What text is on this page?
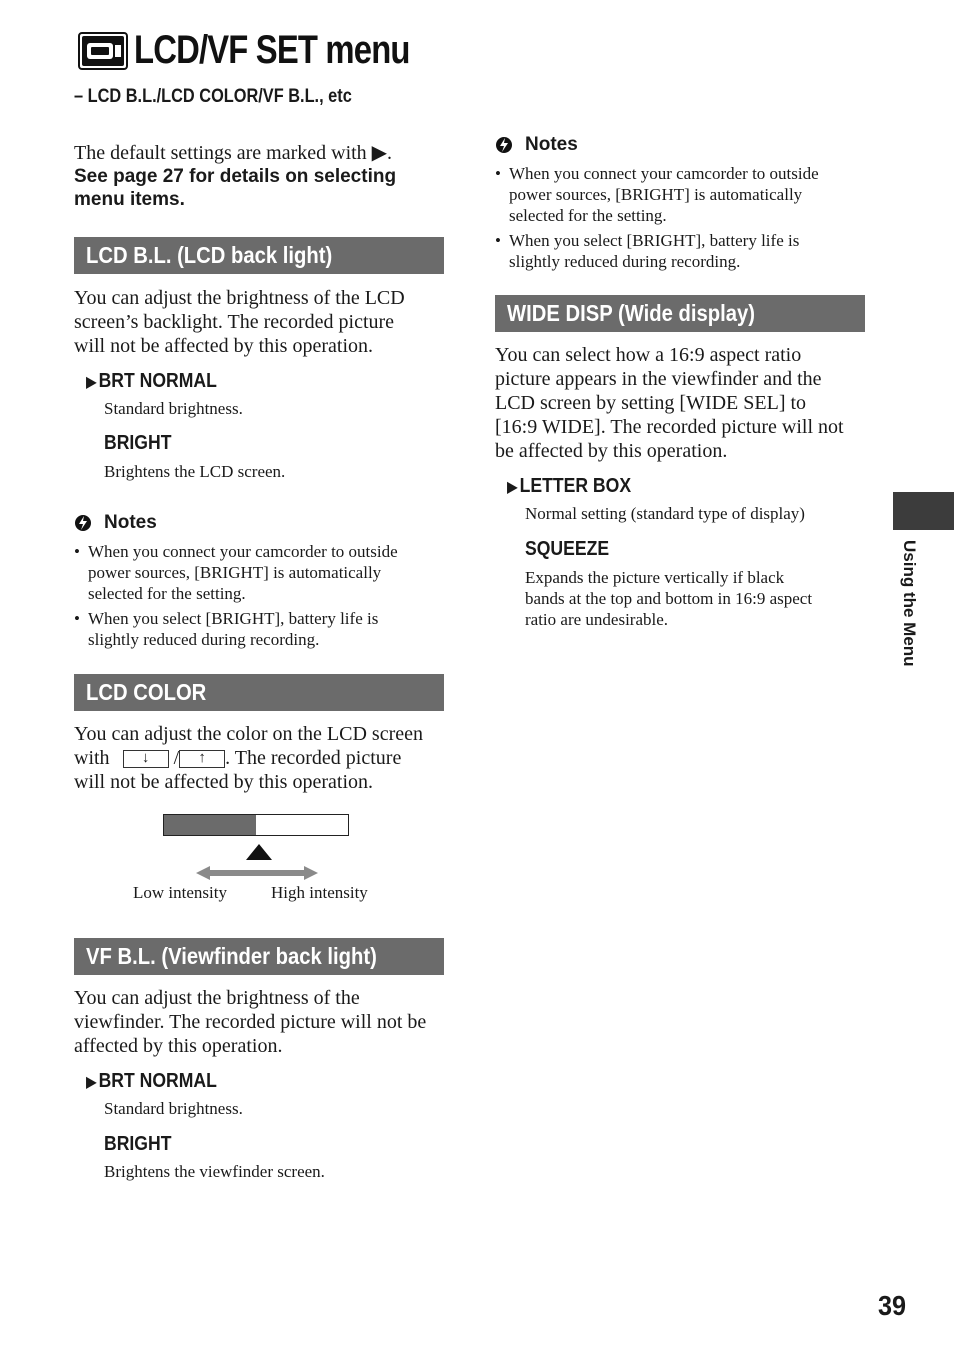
LCD/VF SET menu
– LCD B.L./LCD COLOR/VF B.L., etc
The default settings are marked with ▶.
See page 27 for details on selecting menu items.
LCD B.L. (LCD back light)
You can adjust the brightness of the LCD
screen’s backlight. The recorded picture
will not be affected by this operation.
▶BRT NORMAL
Standard brightness.
BRIGHT
Brightens the LCD screen.
Notes
• When you connect your camcorder to outside
power sources, [BRIGHT] is automatically
selected for the setting.
• When you select [BRIGHT], battery life is
slightly reduced during recording.
LCD COLOR
You can adjust the color on the LCD screen
with ↓ / ↑ . The recorded picture
will not be affected by this operation.
Low intensity	High intensity
VF B.L. (Viewfinder back light)
You can adjust the brightness of the
viewfinder. The recorded picture will not be
affected by this operation.
▶BRT NORMAL
Standard brightness.
BRIGHT
Brightens the viewfinder screen.
Notes
• When you connect your camcorder to outside
power sources, [BRIGHT] is automatically
selected for the setting.
• When you select [BRIGHT], battery life is
slightly reduced during recording.
WIDE DISP (Wide display)
You can select how a 16:9 aspect ratio
picture appears in the viewfinder and the
LCD screen by setting [WIDE SEL] to
[16:9 WIDE]. The recorded picture will not
be affected by this operation.
▶LETTER BOX
Normal setting (standard type of display)
SQUEEZE
Expands the picture vertically if black
bands at the top and bottom in 16:9 aspect
ratio are undesirable.	Using the Menu
39
